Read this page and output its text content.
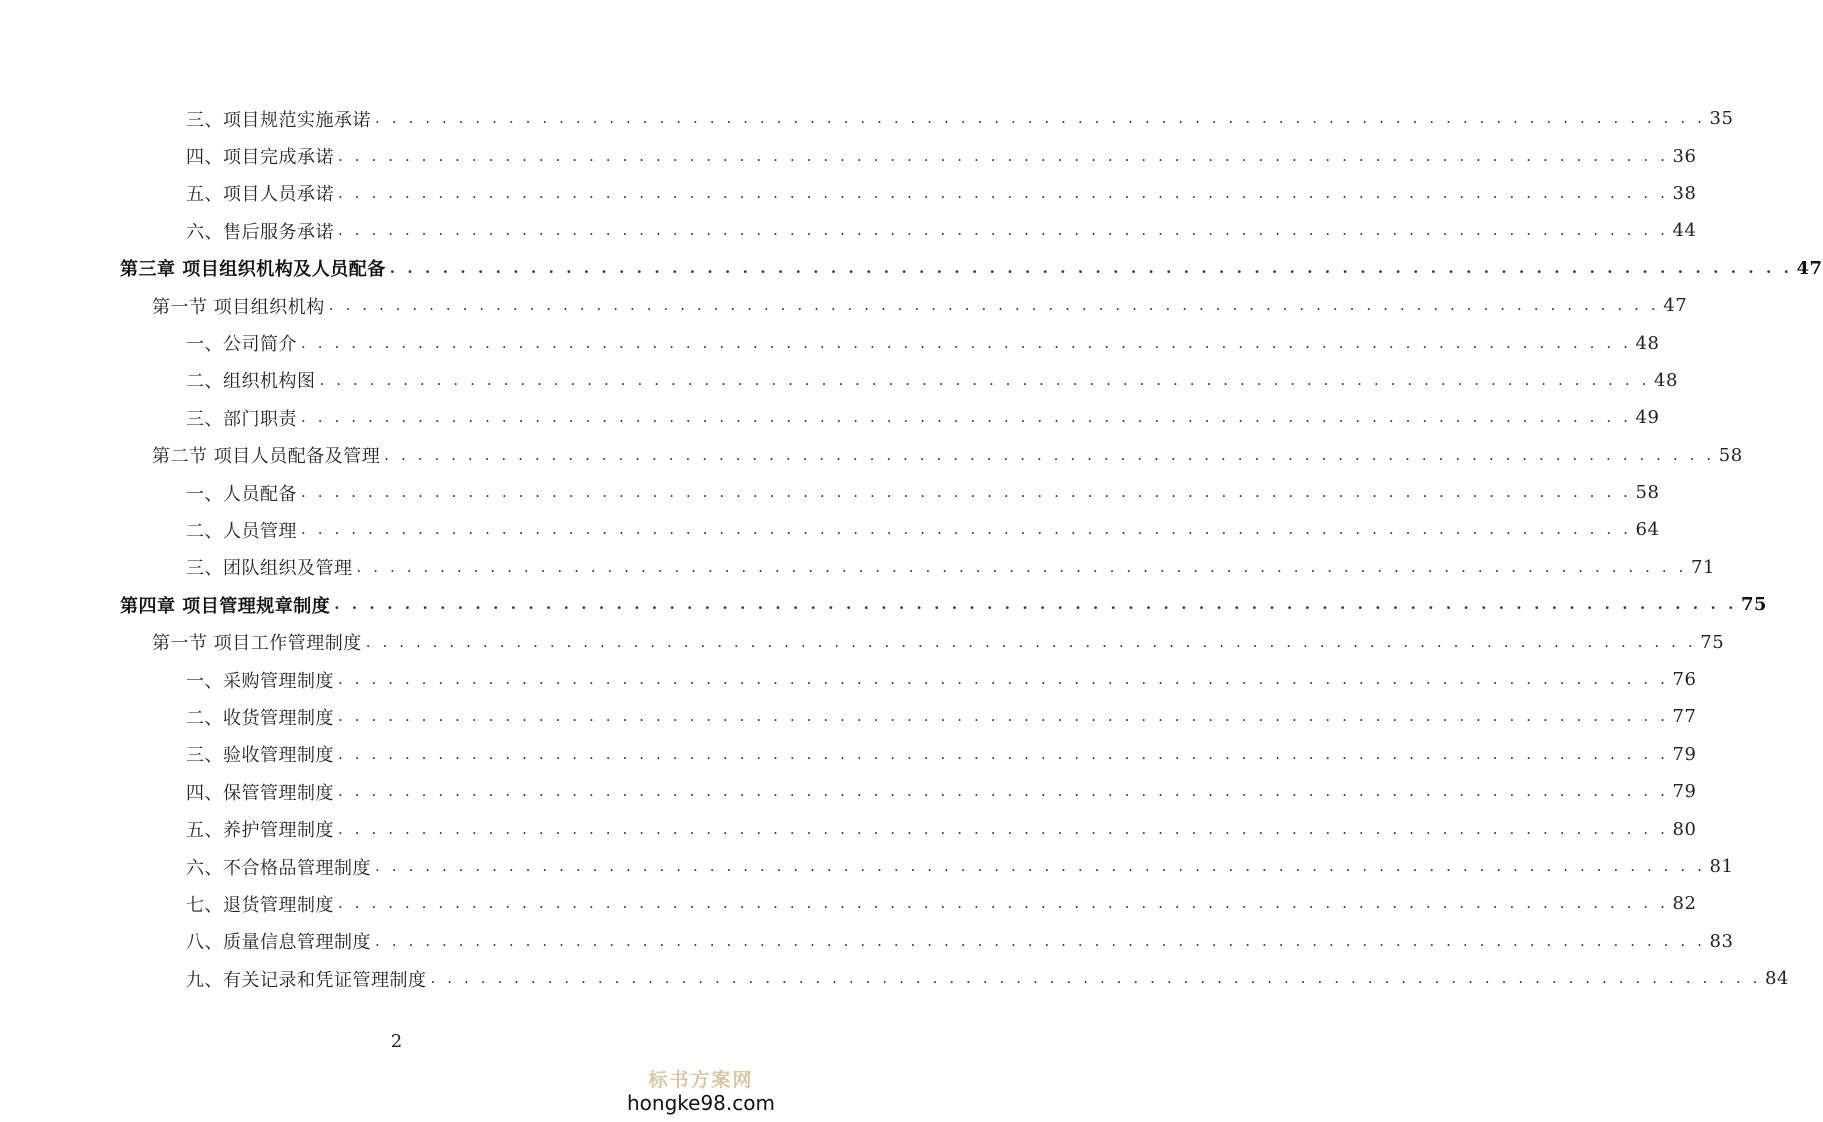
三、项目规范实施承诺 . . . . . . . . . . . . . . . . . . . . . . . . . . . . . . . . . . . . . . . . . . . . . . . . . . . . . . . . . . . . . . . . . . . . . . . . . . . . . . . . 35
四、项目完成承诺 . . . . . . . . . . . . . . . . . . . . . . . . . . . . . . . . . . . . . . . . . . . . . . . . . . . . . . . . . . . . . . . . . . . . . . . . . . . . . . . . 36
五、项目人员承诺 . . . . . . . . . . . . . . . . . . . . . . . . . . . . . . . . . . . . . . . . . . . . . . . . . . . . . . . . . . . . . . . . . . . . . . . . . . . . . . . . 38
六、售后服务承诺 . . . . . . . . . . . . . . . . . . . . . . . . . . . . . . . . . . . . . . . . . . . . . . . . . . . . . . . . . . . . . . . . . . . . . . . . . . . . . . . . 44
第三章 项目组织机构及人员配备 . . . . . . . . . . . . . . . . . . . . . . . . . . . . . . . . . . . . . . . . . . . . . . . . . . . . . . . . . . . . . . . . . . . . . . . . . . . . . . . . 47
第一节 项目组织机构 . . . . . . . . . . . . . . . . . . . . . . . . . . . . . . . . . . . . . . . . . . . . . . . . . . . . . . . . . . . . . . . . . . . . . . . . . . . . . . . . 47
一、公司简介 . . . . . . . . . . . . . . . . . . . . . . . . . . . . . . . . . . . . . . . . . . . . . . . . . . . . . . . . . . . . . . . . . . . . . . . . . . . . . . . . 48
二、组织机构图 . . . . . . . . . . . . . . . . . . . . . . . . . . . . . . . . . . . . . . . . . . . . . . . . . . . . . . . . . . . . . . . . . . . . . . . . . . . . . . . . 48
三、部门职责 . . . . . . . . . . . . . . . . . . . . . . . . . . . . . . . . . . . . . . . . . . . . . . . . . . . . . . . . . . . . . . . . . . . . . . . . . . . . . . . . 49
第二节 项目人员配备及管理 . . . . . . . . . . . . . . . . . . . . . . . . . . . . . . . . . . . . . . . . . . . . . . . . . . . . . . . . . . . . . . . . . . . . . . . . . . . . . . . . 58
一、人员配备 . . . . . . . . . . . . . . . . . . . . . . . . . . . . . . . . . . . . . . . . . . . . . . . . . . . . . . . . . . . . . . . . . . . . . . . . . . . . . . . . 58
二、人员管理 . . . . . . . . . . . . . . . . . . . . . . . . . . . . . . . . . . . . . . . . . . . . . . . . . . . . . . . . . . . . . . . . . . . . . . . . . . . . . . . . 64
三、团队组织及管理 . . . . . . . . . . . . . . . . . . . . . . . . . . . . . . . . . . . . . . . . . . . . . . . . . . . . . . . . . . . . . . . . . . . . . . . . . . . . . . . . 71
第四章 项目管理规章制度 . . . . . . . . . . . . . . . . . . . . . . . . . . . . . . . . . . . . . . . . . . . . . . . . . . . . . . . . . . . . . . . . . . . . . . . . . . . . . . . . 75
第一节 项目工作管理制度 . . . . . . . . . . . . . . . . . . . . . . . . . . . . . . . . . . . . . . . . . . . . . . . . . . . . . . . . . . . . . . . . . . . . . . . . . . . . . . . . 75
一、采购管理制度 . . . . . . . . . . . . . . . . . . . . . . . . . . . . . . . . . . . . . . . . . . . . . . . . . . . . . . . . . . . . . . . . . . . . . . . . . . . . . . . . 76
二、收货管理制度 . . . . . . . . . . . . . . . . . . . . . . . . . . . . . . . . . . . . . . . . . . . . . . . . . . . . . . . . . . . . . . . . . . . . . . . . . . . . . . . . 77
三、验收管理制度 . . . . . . . . . . . . . . . . . . . . . . . . . . . . . . . . . . . . . . . . . . . . . . . . . . . . . . . . . . . . . . . . . . . . . . . . . . . . . . . . 79
四、保管管理制度 . . . . . . . . . . . . . . . . . . . . . . . . . . . . . . . . . . . . . . . . . . . . . . . . . . . . . . . . . . . . . . . . . . . . . . . . . . . . . . . . 79
五、养护管理制度 . . . . . . . . . . . . . . . . . . . . . . . . . . . . . . . . . . . . . . . . . . . . . . . . . . . . . . . . . . . . . . . . . . . . . . . . . . . . . . . . 80
六、不合格品管理制度 . . . . . . . . . . . . . . . . . . . . . . . . . . . . . . . . . . . . . . . . . . . . . . . . . . . . . . . . . . . . . . . . . . . . . . . . . . . . . . . . 81
七、退货管理制度 . . . . . . . . . . . . . . . . . . . . . . . . . . . . . . . . . . . . . . . . . . . . . . . . . . . . . . . . . . . . . . . . . . . . . . . . . . . . . . . . 82
八、质量信息管理制度 . . . . . . . . . . . . . . . . . . . . . . . . . . . . . . . . . . . . . . . . . . . . . . . . . . . . . . . . . . . . . . . . . . . . . . . . . . . . . . . . 83
九、有关记录和凭证管理制度 . . . . . . . . . . . . . . . . . . . . . . . . . . . . . . . . . . . . . . . . . . . . . . . . . . . . . . . . . . . . . . . . . . . . . . . . . . . . . . . . 84
2
标书方案网
hongke98.com
